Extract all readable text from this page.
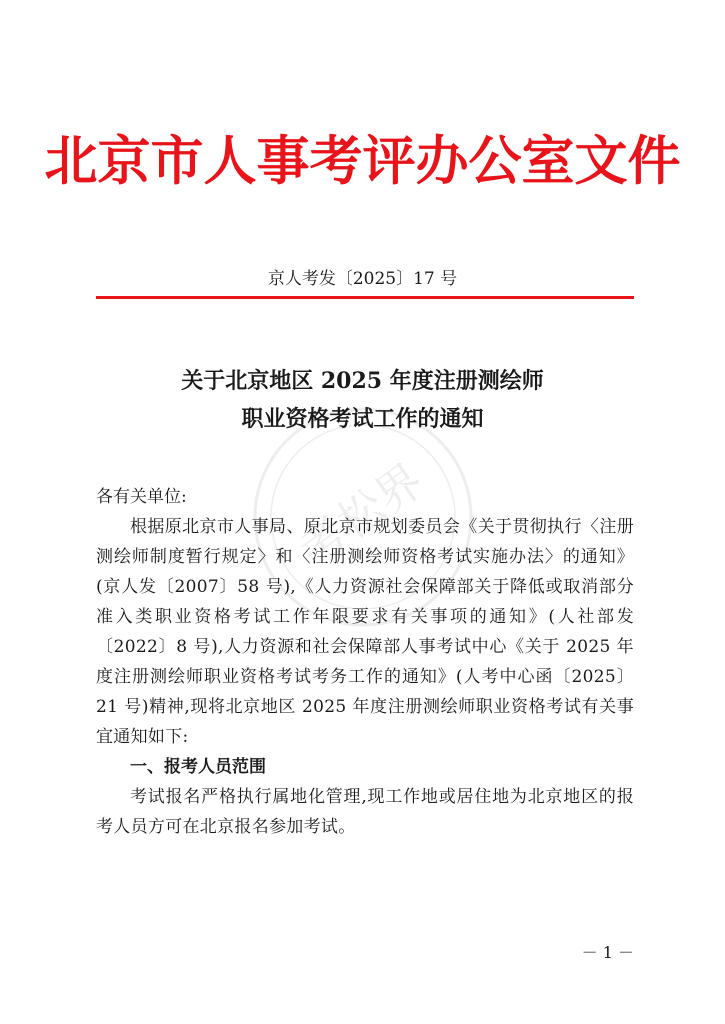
北京市人事考评办公室文件
京人考发〔2025〕17 号
考松界
关于北京地区 2025 年度注册测绘师
职业资格考试工作的通知

各有关单位:

根据原北京市人事局、原北京市规划委员会《关于贯彻执行〈注册测绘师制度暂行规定〉和〈注册测绘师资格考试实施办法〉的通知》(京人发〔2007〕58 号),《人力资源社会保障部关于降低或取消部分准入类职业资格考试工作年限要求有关事项的通知》(人社部发〔2022〕8 号),人力资源和社会保障部人事考试中心《关于 2025 年度注册测绘师职业资格考试考务工作的通知》(人考中心函〔2025〕21 号)精神,现将北京地区 2025 年度注册测绘师职业资格考试有关事宜通知如下:

一、报考人员范围

考试报名严格执行属地化管理,现工作地或居住地为北京地区的报考人员方可在北京报名参加考试。

－ 1 －
